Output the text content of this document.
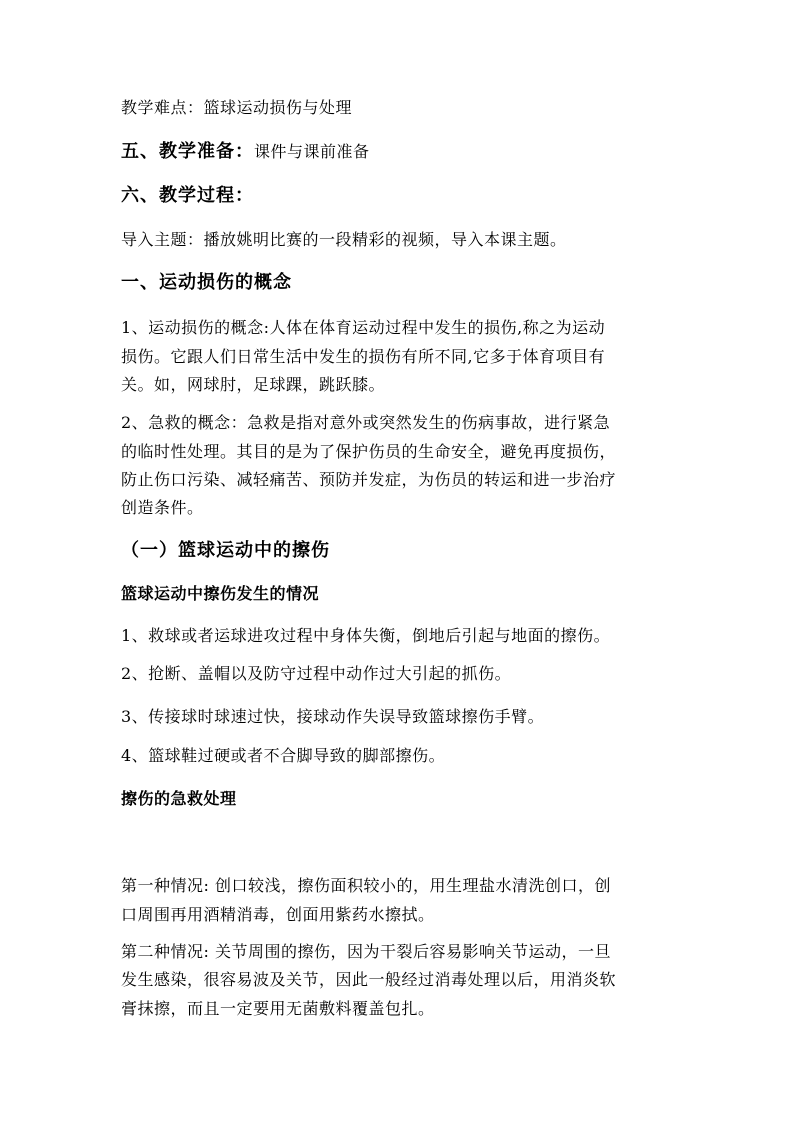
教学难点：篮球运动损伤与处理
五、教学准备：课件与课前准备
六、教学过程：
导入主题：播放姚明比赛的一段精彩的视频，导入本课主题。
一、运动损伤的概念
1、运动损伤的概念:人体在体育运动过程中发生的损伤,称之为运动
损伤。它跟人们日常生活中发生的损伤有所不同,它多于体育项目有
关。如，网球肘，足球踝，跳跃膝。
2、急救的概念：急救是指对意外或突然发生的伤病事故，进行紧急
的临时性处理。其目的是为了保护伤员的生命安全，避免再度损伤，
防止伤口污染、减轻痛苦、预防并发症，为伤员的转运和进一步治疗
创造条件。
（一）篮球运动中的擦伤
篮球运动中擦伤发生的情况
1、救球或者运球进攻过程中身体失衡，倒地后引起与地面的擦伤。
2、抢断、盖帽以及防守过程中动作过大引起的抓伤。
3、传接球时球速过快，接球动作失误导致篮球擦伤手臂。
4、篮球鞋过硬或者不合脚导致的脚部擦伤。
擦伤的急救处理
第一种情况: 创口较浅，擦伤面积较小的，用生理盐水清洗创口，创
口周围再用酒精消毒，创面用紫药水擦拭。
第二种情况: 关节周围的擦伤，因为干裂后容易影响关节运动，一旦
发生感染，很容易波及关节，因此一般经过消毒处理以后，用消炎软
膏抹擦，而且一定要用无菌敷料覆盖包扎。
